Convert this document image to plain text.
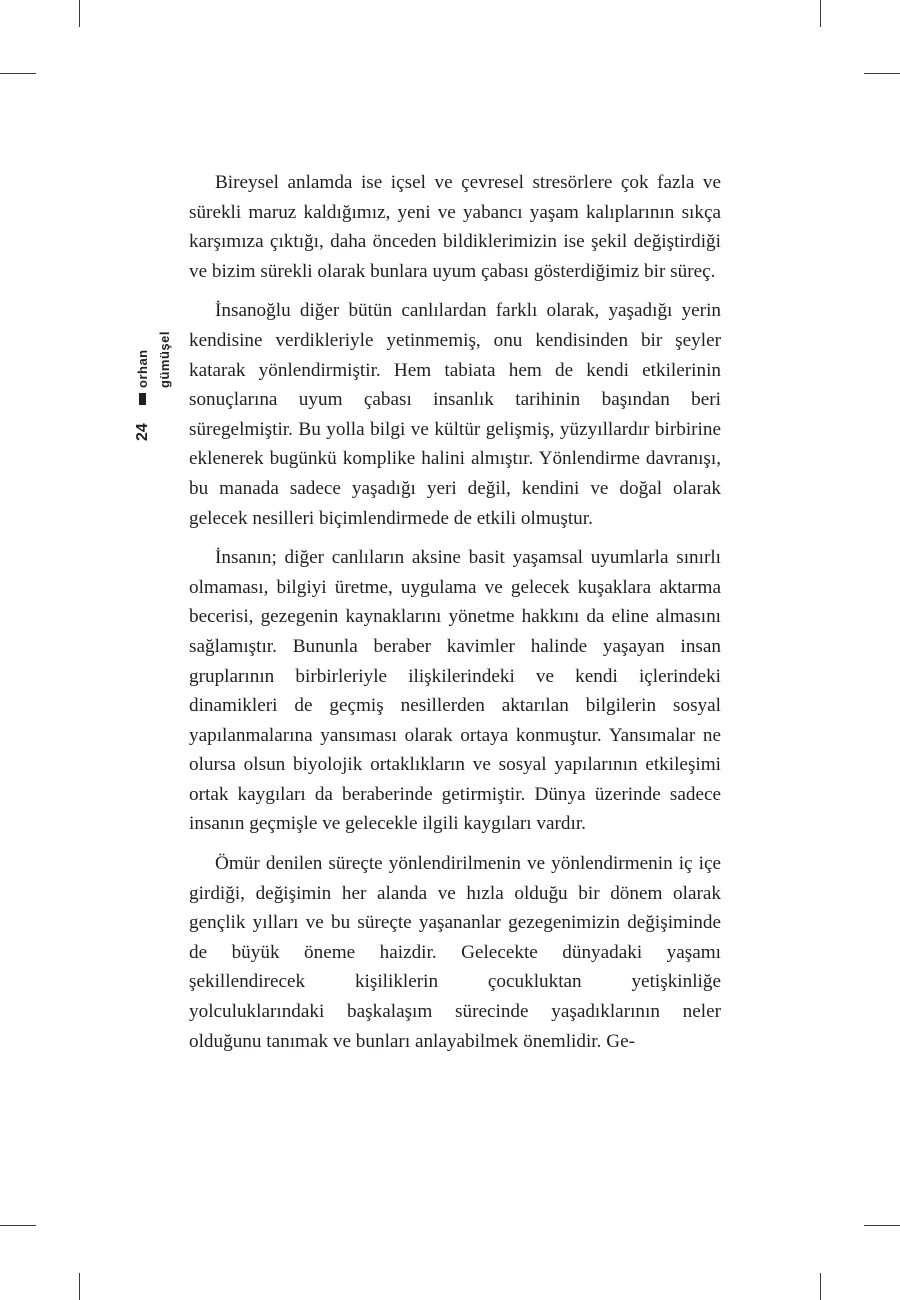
orhan gümüşel
24

Bireysel anlamda ise içsel ve çevresel stresörlere çok fazla ve sürekli maruz kaldığımız, yeni ve yabancı yaşam kalıplarının sıkça karşımıza çıktığı, daha önceden bildiklerimizin ise şekil değiştirdiği ve bizim sürekli olarak bunlara uyum çabası gösterdiğimiz bir süreç.

İnsanoğlu diğer bütün canlılardan farklı olarak, yaşadığı yerin kendisine verdikleriyle yetinmemiş, onu kendisinden bir şeyler katarak yönlendirmiştir. Hem tabiata hem de kendi etkilerinin sonuçlarına uyum çabası insanlık tarihinin başından beri süregelmiştir. Bu yolla bilgi ve kültür gelişmiş, yüzyıllardır birbirine eklenerek bugünkü komplike halini almıştır. Yönlendirme davranışı, bu manada sadece yaşadığı yeri değil, kendini ve doğal olarak gelecek nesilleri biçimlendirmede de etkili olmuştur.

İnsanın; diğer canlıların aksine basit yaşamsal uyumlarla sınırlı olmaması, bilgiyi üretme, uygulama ve gelecek kuşaklara aktarma becerisi, gezegenin kaynaklarını yönetme hakkını da eline almasını sağlamıştır. Bununla beraber kavimler halinde yaşayan insan gruplarının birbirleriyle ilişkilerindeki ve kendi içlerindeki dinamikleri de geçmiş nesillerden aktarılan bilgilerin sosyal yapılanmalarına yansıması olarak ortaya konmuştur. Yansımalar ne olursa olsun biyolojik ortaklıkların ve sosyal yapılarının etkileşimi ortak kaygıları da beraberinde getirmiştir. Dünya üzerinde sadece insanın geçmişle ve gelecekle ilgili kaygıları vardır.

Ömür denilen süreçte yönlendirilmenin ve yönlendirmenin iç içe girdiği, değişimin her alanda ve hızla olduğu bir dönem olarak gençlik yılları ve bu süreçte yaşananlar gezegenimizin değişiminde de büyük öneme haizdir. Gelecekte dünyadaki yaşamı şekillendirecek kişiliklerin çocukluktan yetişkinliğe yolculuklarındaki başkalaşım sürecinde yaşadıklarının neler olduğunu tanımak ve bunları anlayabilmek önemlidir. Ge-
